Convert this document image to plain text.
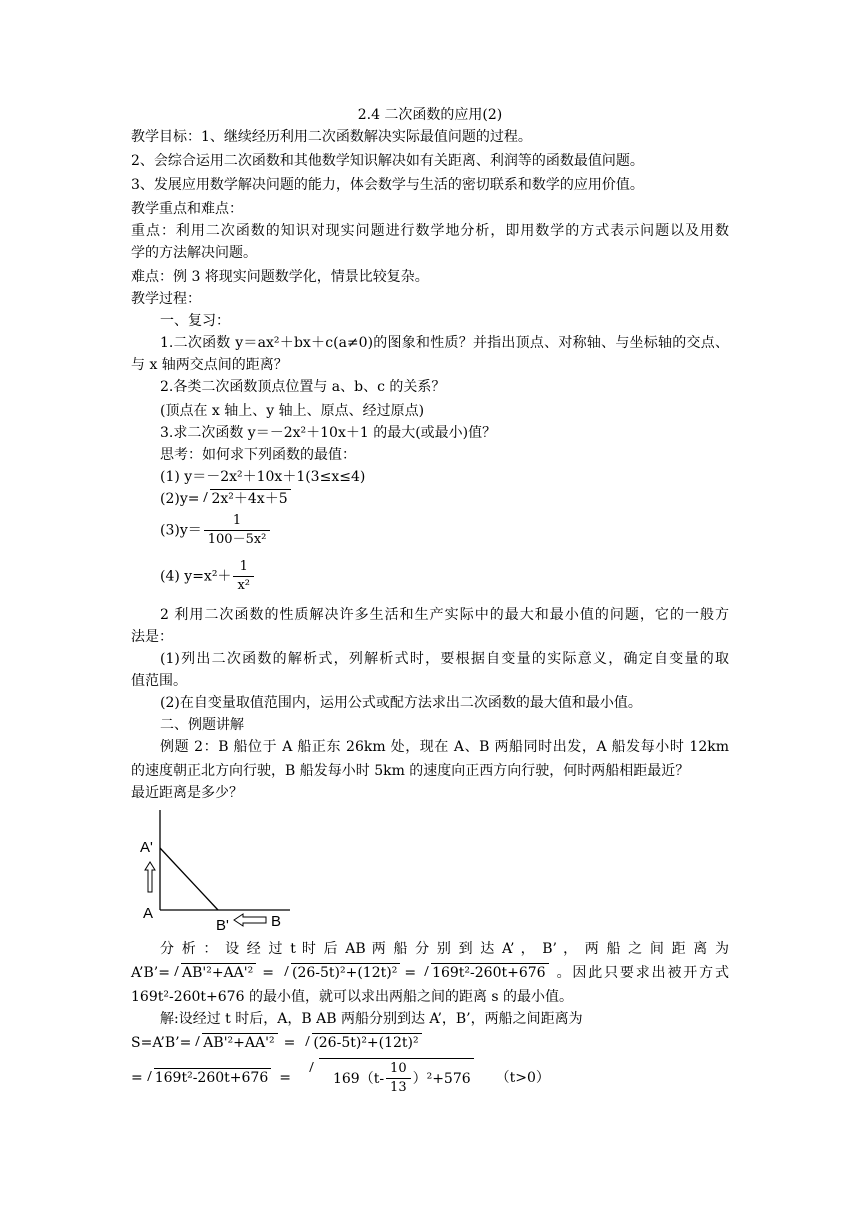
2.4 二次函数的应用(2)
教学目标：1、继续经历利用二次函数解决实际最值问题的过程。
2、会综合运用二次函数和其他数学知识解决如有关距离、利润等的函数最值问题。
3、发展应用数学解决问题的能力，体会数学与生活的密切联系和数学的应用价值。
教学重点和难点：
重点：利用二次函数的知识对现实问题进行数学地分析，即用数学的方式表示问题以及用数
学的方法解决问题。
难点：例 3 将现实问题数学化，情景比较复杂。
教学过程：
一、复习：
1.二次函数 y＝ax²＋bx＋c(a≠0)的图象和性质？并指出顶点、对称轴、与坐标轴的交点、
与 x 轴两交点间的距离？
2.各类二次函数顶点位置与 a、b、c 的关系？
(顶点在 x 轴上、y 轴上、原点、经过原点)
3.求二次函数 y＝－2x²＋10x＋1 的最大(或最小)值？
思考：如何求下列函数的最值：
(1) y＝－2x²＋10x＋1(3≤x≤4)
(2)y= 2x²＋4x＋5
$(3)y= \frac{1}{\text{100－5x²}}$
(4) $y=x^2+ \frac{1}{\text{x²}}$
2 利用二次函数的性质解决许多生活和生产实际中的最大和最小值的问题，它的一般方
法是：
(1)列出二次函数的解析式，列解析式时，要根据自变量的实际意义，确定自变量的取
值范围。
(2)在自变量取值范围内，运用公式或配方法求出二次函数的最大值和最小值。
二、例题讲解
例题 2：B 船位于 A 船正东 26km 处，现在 A、B 两船同时出发，A 船发每小时 12km
的速度朝正北方向行驶，B 船发每小时 5km 的速度向正西方向行驶，何时两船相距最近？
最近距离是多少？
A'
A
B'	B
分 析 ： 设 经 过 t 时 后 AB 两 船 分 别 到 达 A’ ， B’ ， 两 船 之 间 距 离 为
A’B’= AB'²+AA'² =	(26-5t)²+(12t)² =	169t²-260t+676 。因此只要求出被开方式
169t²-260t+676 的最小值，就可以求出两船之间的距离 s 的最小值。
解:设经过 t 时后，A，B AB 两船分别到达 A’，B’，两船之间距离为
S=A’B’= AB'²+AA'² = (26-5t)²+(12t)²
= 169t²-260t+676 =	$169(t- \frac{10}{13} )^2+576$ （t>0）
